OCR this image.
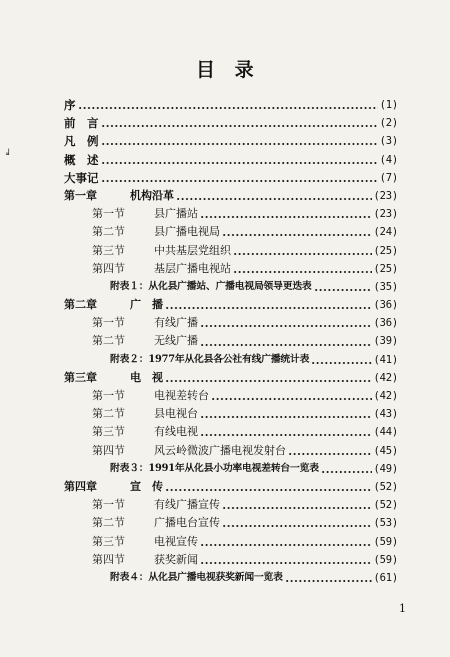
目　录
序	(1)
前　言	(2)
凡　例	(3)
概　述	(4)
大事记	(7)
第一章	机构沿革	(23)
第一节	县广播站	(23)
第二节	县广播电视局	(24)
第三节	中共基层党组织	(25)
第四节	基层广播电视站	(25)
附表１：从化县广播站、广播电视局领导更迭表	(35)
第二章	广　播	(36)
第一节	有线广播	(36)
第二节	无线广播	(39)
附表２：1977年从化县各公社有线广播统计表	(41)
第三章	电　视	(42)
第一节	电视差转台	(42)
第二节	县电视台	(43)
第三节	有线电视	(44)
第四节	风云岭微波广播电视发射台	(45)
附表３：1991年从化县小功率电视差转台一览表	(49)
第四章	宣　传	(52)
第一节	有线广播宣传	(52)
第二节	广播电台宣传	(53)
第三节	电视宣传	(59)
第四节	获奖新闻	(59)
附表４：从化县广播电视获奖新闻一览表	(61)
1
╛
